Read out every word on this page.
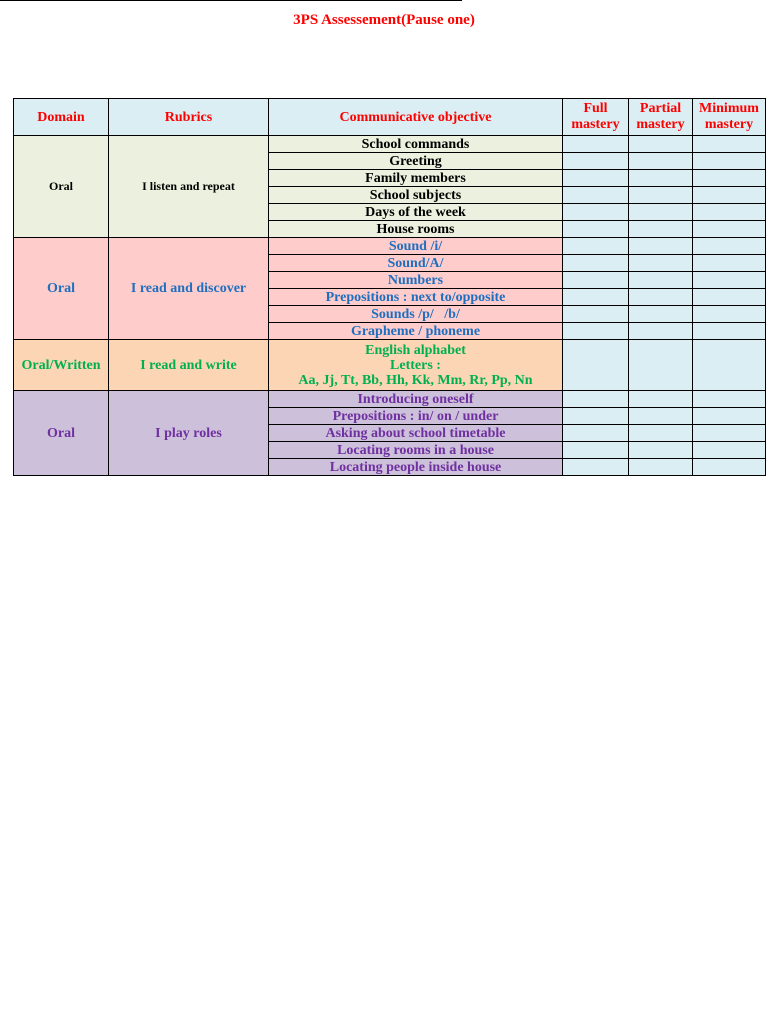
3PS Assessement(Pause one)
Domain	Rubrics	Communicative objective	Full mastery	Partial mastery	Minimum mastery
Oral	I listen and repeat	School commands			
		Greeting			
		Family members			
		School subjects			
		Days of the week			
		House rooms			
Oral	I read and discover	Sound /i/			
		Sound/A/			
		Numbers			
		Prepositions : next to/opposite			
		Sounds /p/   /b/			
		Grapheme / phoneme			
Oral/Written	I read and write	English alphabet
Letters :
Aa, Jj, Tt, Bb, Hh, Kk, Mm, Rr, Pp, Nn			

Oral	I play roles	Introducing oneself			
		Prepositions : in/ on / under			
		Asking about school timetable			
		Locating rooms in a house			
		Locating people inside house			
